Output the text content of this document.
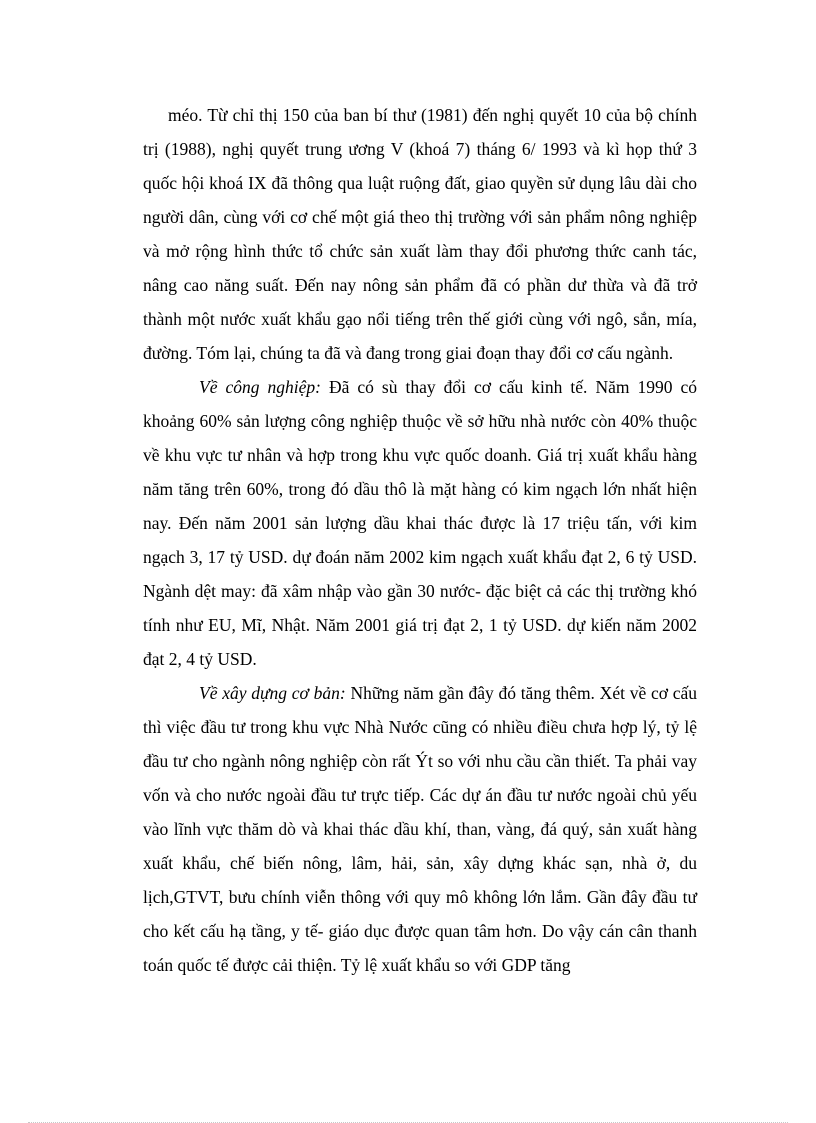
méo. Từ chỉ thị 150 của ban bí thư (1981) đến nghị quyết 10 của bộ chính trị (1988), nghị quyết trung ương V (khoá 7) tháng 6/ 1993 và kì họp thứ 3 quốc hội khoá IX đã thông qua luật ruộng đất, giao quyền sử dụng lâu dài cho người dân, cùng với cơ chế một giá theo thị trường với sản phẩm nông nghiệp và mở rộng hình thức tổ chức sản xuất làm thay đổi phương thức canh tác, nâng cao năng suất. Đến nay nông sản phẩm đã có phần dư thừa và đã trở thành một nước xuất khẩu gạo nổi tiếng trên thế giới cùng với ngô, sắn, mía, đường. Tóm lại, chúng ta đã và đang trong giai đoạn thay đổi cơ cấu ngành.

Về công nghiệp: Đã có sù thay đổi cơ cấu kinh tế. Năm 1990 có khoảng 60% sản lượng công nghiệp thuộc về sở hữu nhà nước còn 40% thuộc về khu vực tư nhân và hợp trong khu vực quốc doanh. Giá trị xuất khẩu hàng năm tăng trên 60%, trong đó dầu thô là mặt hàng có kim ngạch lớn nhất hiện nay. Đến năm 2001 sản lượng dầu khai thác được là 17 triệu tấn, với kim ngạch 3, 17 tỷ USD. dự đoán năm 2002 kim ngạch xuất khẩu đạt 2, 6 tỷ USD. Ngành dệt may: đã xâm nhập vào gần 30 nước- đặc biệt cả các thị trường khó tính như EU, Mĩ, Nhật. Năm 2001 giá trị đạt 2, 1 tỷ USD. dự kiến năm 2002 đạt 2, 4 tỷ USD.

Về xây dựng cơ bản: Những năm gần đây đó tăng thêm. Xét về cơ cấu thì việc đầu tư trong khu vực Nhà Nước cũng có nhiều điều chưa hợp lý, tỷ lệ đầu tư cho ngành nông nghiệp còn rất Ýt so với nhu cầu cần thiết. Ta phải vay vốn và cho nước ngoài đầu tư trực tiếp. Các dự án đầu tư nước ngoài chủ yếu vào lĩnh vực thăm dò và khai thác dầu khí, than, vàng, đá quý, sản xuất hàng xuất khẩu, chế biến nông, lâm, hải, sản, xây dựng khác sạn, nhà ở, du lịch,GTVT, bưu chính viễn thông với quy mô không lớn lắm. Gần đây đầu tư cho kết cấu hạ tầng, y tế- giáo dục được quan tâm hơn. Do vậy cán cân thanh toán quốc tế được cải thiện. Tỷ lệ xuất khẩu so với GDP tăng
